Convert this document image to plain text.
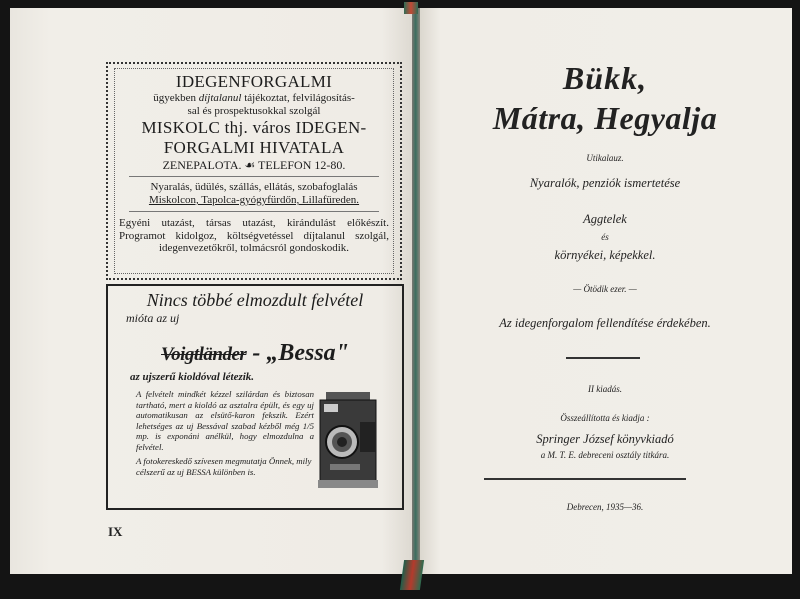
IDEGENFORGALMI
ügyekben díjtalanul tájékoztat, felvilágosítás-
sal és prospektusokkal szolgál
MISKOLC thj. város IDEGEN-
FORGALMI HIVATALA
ZENEPALOTA. ☙ TELEFON 12-80.
Nyaralás, üdülés, szállás, ellátás, szobafoglalás
Miskolcon, Tapolca-gyógyfürdőn, Lillafüreden.
Egyéni utazást, társas utazást, kirándulást előkészít. Programot kidolgoz, költségvetéssel díjtalanul szolgál, idegenvezetőkről, tolmácsról gondoskodik.
Nincs többé elmozdult felvétel
mióta az uj
Voigtländer - „Bessa"
az ujszerű kioldóval létezik.
A felvételt mindkét kézzel szilárdan és biztosan tartható, mert a kioldó az asztalra épült, és egy uj automatikusan az elsütő-karon fekszik. Ezért lehetséges az uj Bessával szabad kézből még 1/5 mp. is exponáni anélkül, hogy elmozdulna a felvétel.
A fotokereskedő szívesen megmutatja Önnek, mily célszerű az uj BESSA különben is.
IX
Bükk,
Mátra, Hegyalja
Utikalauz.
Nyaralók, penziók ismertetése
Aggtelek
és
környékei, képekkel.
— Ötödik ezer. —
Az idegenforgalom fellendítése érdekében.
II kiadás.
Összeállította és kiadja :
Springer József könyvkiadó
a M. T. E. debreceni osztály titkára.
Debrecen, 1935—36.
